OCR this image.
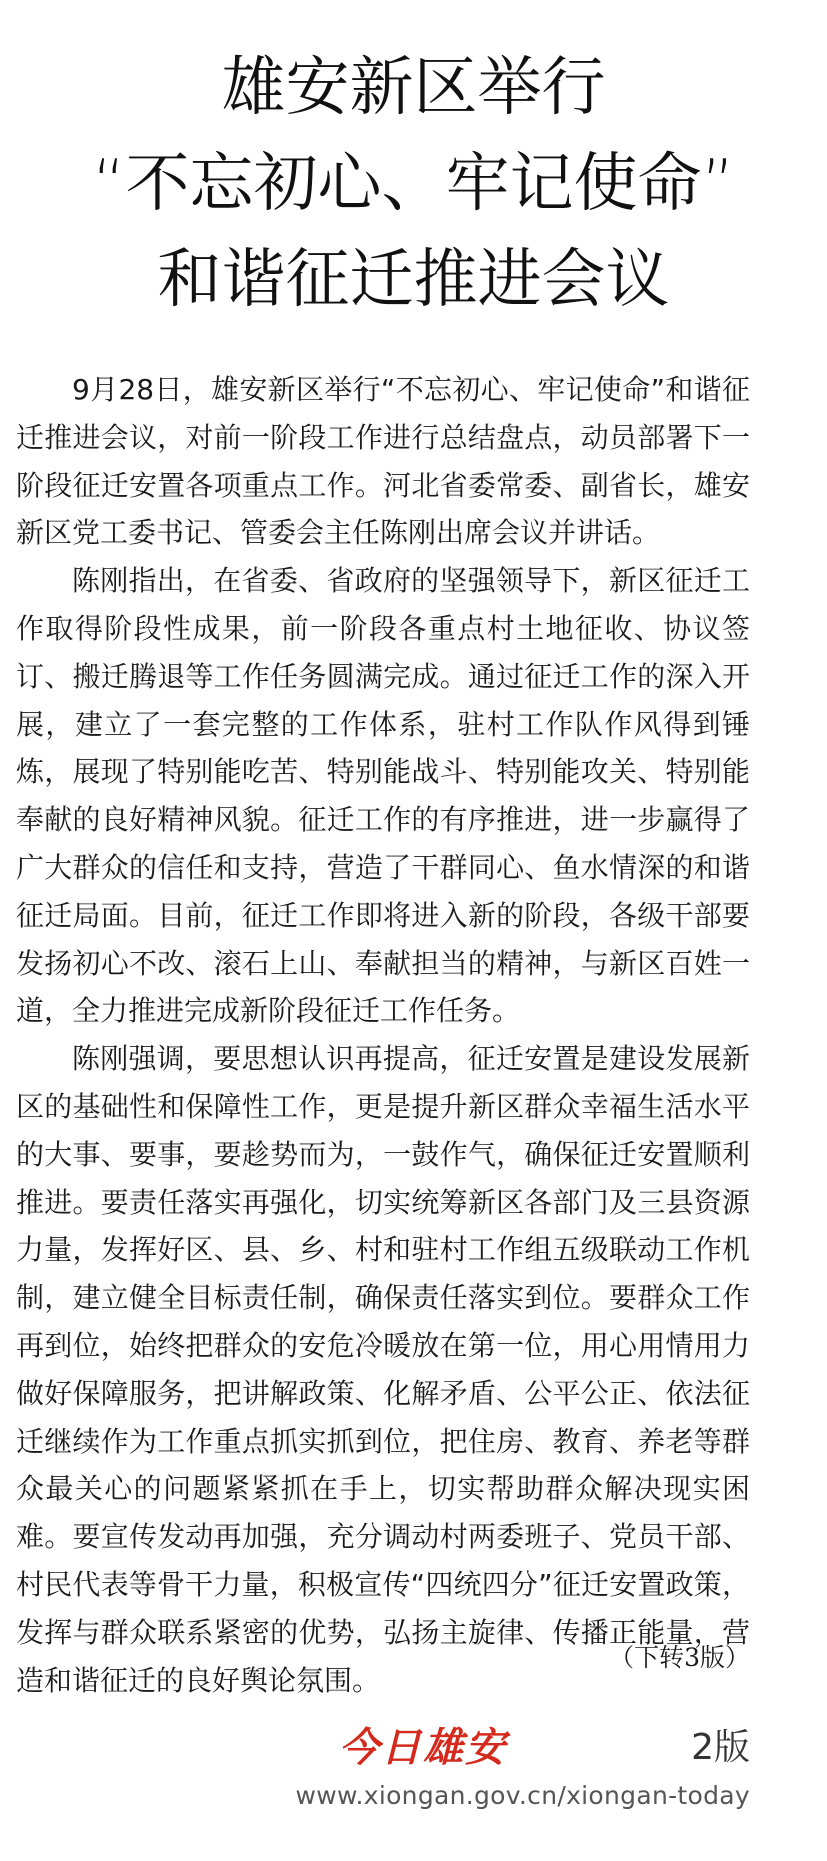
雄安新区举行
“不忘初心、牢记使命”
和谐征迁推进会议

9月28日，雄安新区举行“不忘初心、牢记使命”和谐征迁推进会议，对前一阶段工作进行总结盘点，动员部署下一阶段征迁安置各项重点工作。河北省委常委、副省长，雄安新区党工委书记、管委会主任陈刚出席会议并讲话。

陈刚指出，在省委、省政府的坚强领导下，新区征迁工作取得阶段性成果，前一阶段各重点村土地征收、协议签订、搬迁腾退等工作任务圆满完成。通过征迁工作的深入开展，建立了一套完整的工作体系，驻村工作队作风得到锤炼，展现了特别能吃苦、特别能战斗、特别能攻关、特别能奉献的良好精神风貌。征迁工作的有序推进，进一步赢得了广大群众的信任和支持，营造了干群同心、鱼水情深的和谐征迁局面。目前，征迁工作即将进入新的阶段，各级干部要发扬初心不改、滚石上山、奉献担当的精神，与新区百姓一道，全力推进完成新阶段征迁工作任务。

陈刚强调，要思想认识再提高，征迁安置是建设发展新区的基础性和保障性工作，更是提升新区群众幸福生活水平的大事、要事，要趁势而为，一鼓作气，确保征迁安置顺利推进。要责任落实再强化，切实统筹新区各部门及三县资源力量，发挥好区、县、乡、村和驻村工作组五级联动工作机制，建立健全目标责任制，确保责任落实到位。要群众工作再到位，始终把群众的安危冷暖放在第一位，用心用情用力做好保障服务，把讲解政策、化解矛盾、公平公正、依法征迁继续作为工作重点抓实抓到位，把住房、教育、养老等群众最关心的问题紧紧抓在手上，切实帮助群众解决现实困难。要宣传发动再加强，充分调动村两委班子、党员干部、村民代表等骨干力量，积极宣传“四统四分”征迁安置政策，发挥与群众联系紧密的优势，弘扬主旋律、传播正能量，营造和谐征迁的良好舆论氛围。

（下转3版）
今日雄安	2版
www.xiongan.gov.cn/xiongan-today
